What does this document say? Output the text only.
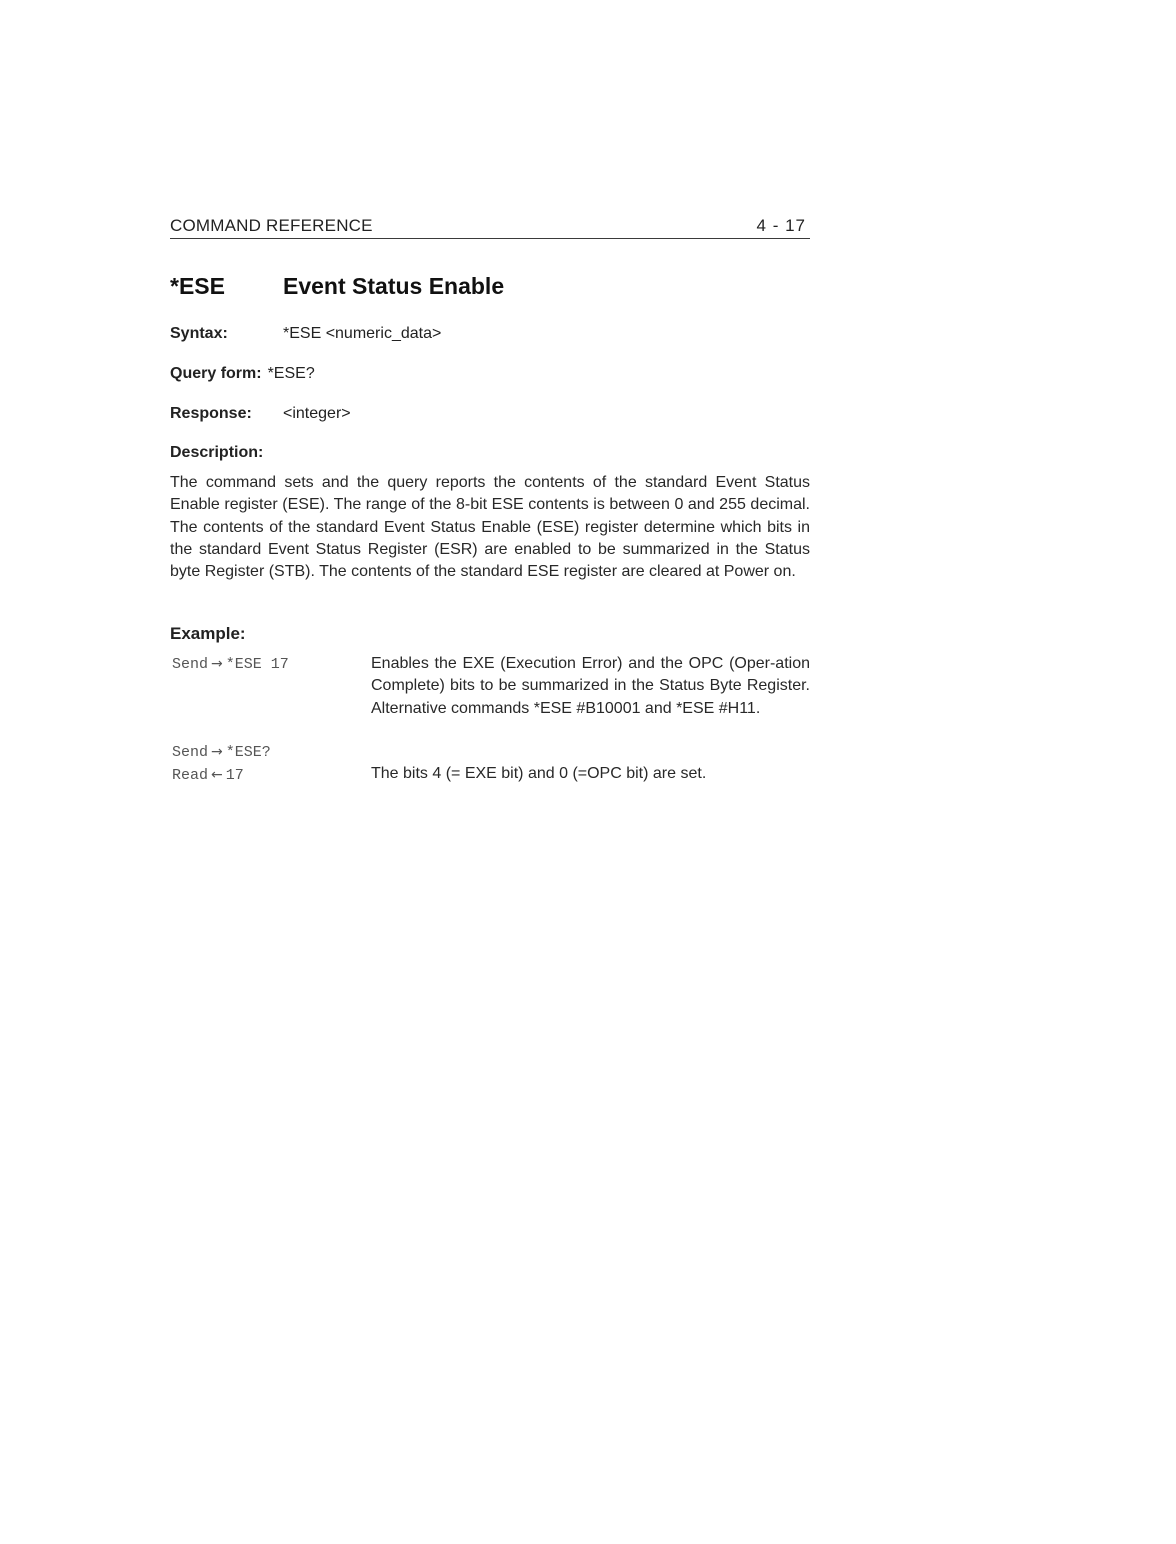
COMMAND REFERENCE	4 - 17
*ESE	Event Status Enable
Syntax:	*ESE <numeric_data>
Query form: *ESE?
Response: <integer>
Description:
The command sets and the query reports the contents of the standard Event Status Enable register (ESE). The range of the 8-bit ESE contents is between 0 and 255 decimal. The contents of the standard Event Status Enable (ESE) register determine which bits in the standard Event Status Register (ESR) are enabled to be summarized in the Status byte Register (STB). The contents of the standard ESE register are cleared at Power on.
Example:
Send → *ESE 17	Enables the EXE (Execution Error) and the OPC (Oper-ation Complete) bits to be summarized in the Status Byte Register. Alternative commands *ESE #B10001 and *ESE #H11.
Send → *ESE?
Read ← 17	The bits 4 (= EXE bit) and 0 (=OPC bit) are set.
